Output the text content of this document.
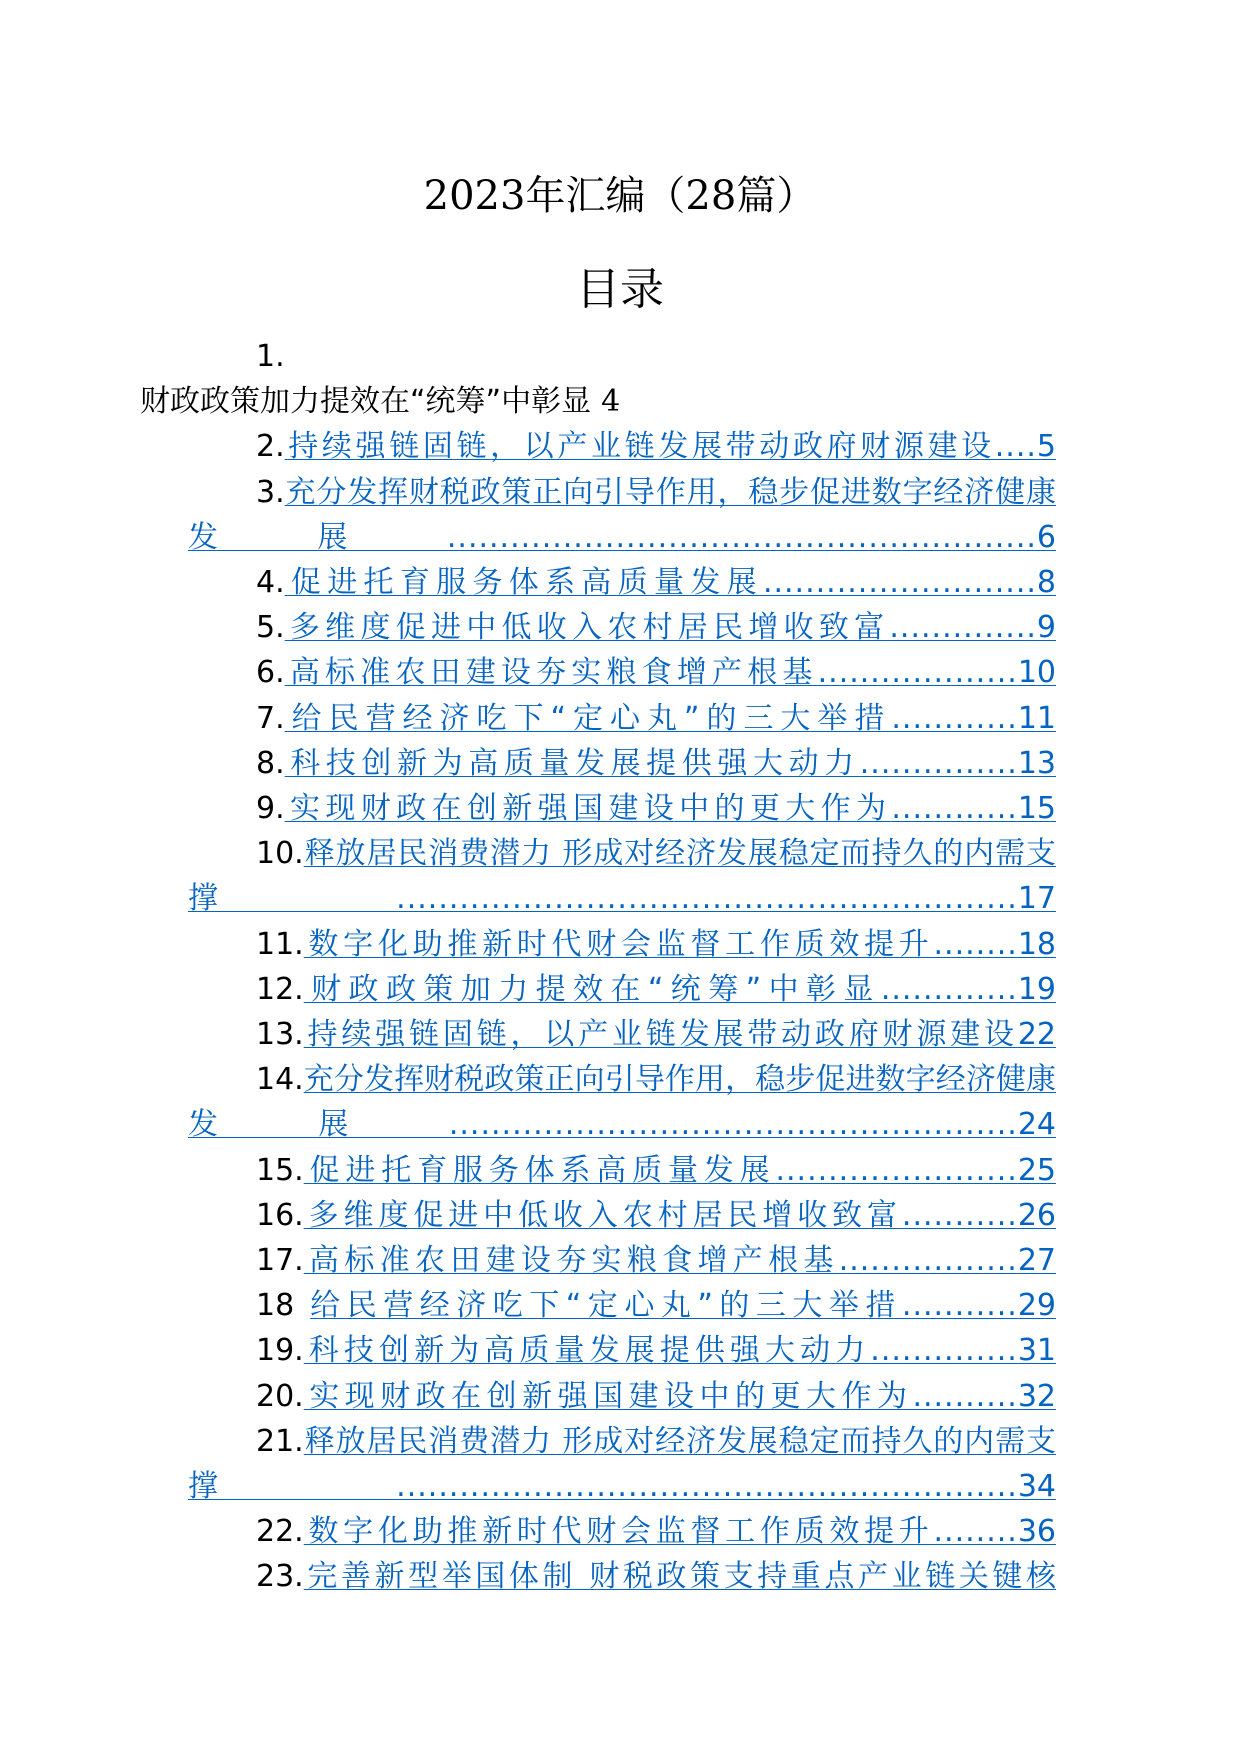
2023年汇编（28篇）
目录
1.
财政政策加力提效在“统筹”中彰显 4
2.持续强链固链，以产业链发展带动政府财源建设....5
3.充分发挥财税政策正向引导作用，稳步促进数字经济健康发展........................................................6
4.促进托育服务体系高质量发展..........................8
5.多维度促进中低收入农村居民增收致富..............9
6.高标准农田建设夯实粮食增产根基...................10
7.给民营经济吃下“定心丸”的三大举措............11
8.科技创新为高质量发展提供强大动力...............13
9.实现财政在创新强国建设中的更大作为............15
10.释放居民消费潜力 形成对经济发展稳定而持久的内需支撑...........................................................17
11.数字化助推新时代财会监督工作质效提升........18
12.财政政策加力提效在“统筹”中彰显.............19
13.持续强链固链，以产业链发展带动政府财源建设22
14.充分发挥财税政策正向引导作用，稳步促进数字经济健康发展......................................................24
15.促进托育服务体系高质量发展.......................25
16.多维度促进中低收入农村居民增收致富...........26
17.高标准农田建设夯实粮食增产根基.................27
18 给民营经济吃下“定心丸”的三大举措...........29
19.科技创新为高质量发展提供强大动力..............31
20.实现财政在创新强国建设中的更大作为..........32
21.释放居民消费潜力 形成对经济发展稳定而持久的内需支撑...........................................................34
22.数字化助推新时代财会监督工作质效提升........36
23.完善新型举国体制 财税政策支持重点产业链关键核
